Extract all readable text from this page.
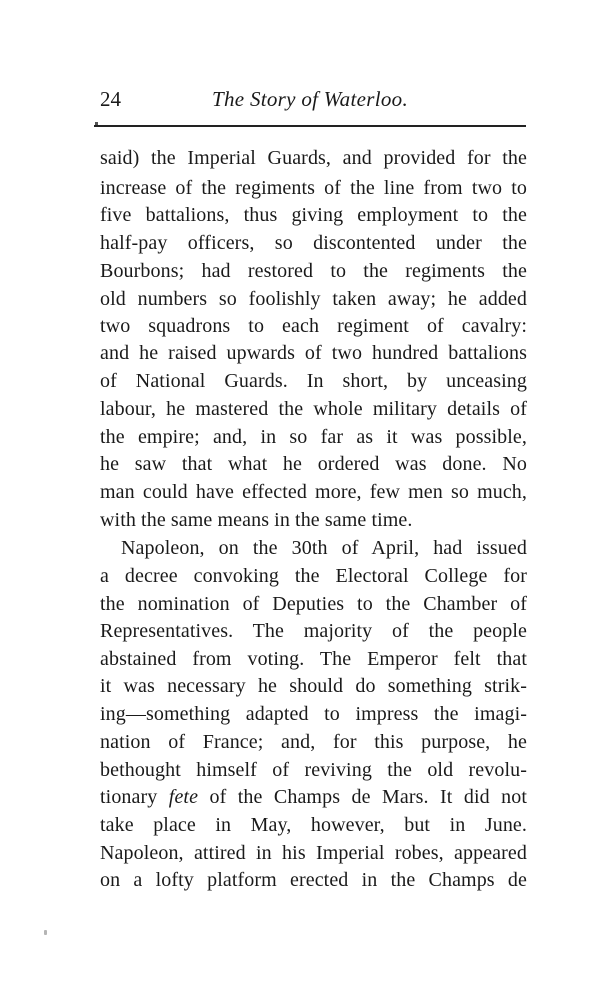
24	The Story of Waterloo.
said) the Imperial Guards, and provided for the
increase of the regiments of the line from two to
five battalions, thus giving employment to the
half-pay officers, so discontented under the
Bourbons; had restored to the regiments the
old numbers so foolishly taken away; he added
two squadrons to each regiment of cavalry:
and he raised upwards of two hundred battalions
of National Guards. In short, by unceasing
labour, he mastered the whole military details of
the empire; and, in so far as it was possible,
he saw that what he ordered was done. No
man could have effected more, few men so much,
with the same means in the same time.
Napoleon, on the 30th of April, had issued
a decree convoking the Electoral College for
the nomination of Deputies to the Chamber of
Representatives. The majority of the people
abstained from voting. The Emperor felt that
it was necessary he should do something strik-
ing—something adapted to impress the imagi-
nation of France; and, for this purpose, he
bethought himself of reviving the old revolu-
tionary fete of the Champs de Mars. It did not
take place in May, however, but in June.
Napoleon, attired in his Imperial robes, appeared
on a lofty platform erected in the Champs de
